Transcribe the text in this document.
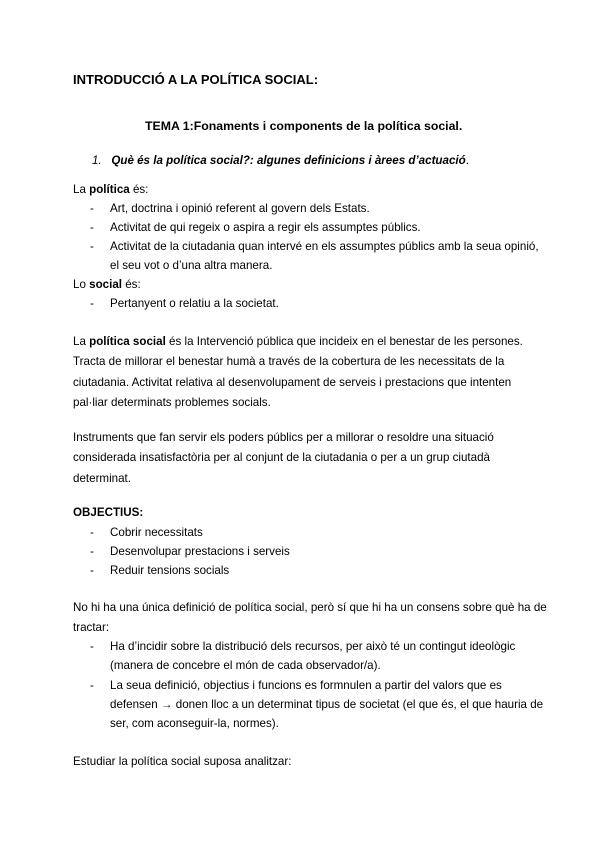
INTRODUCCIÓ A LA POLÍTICA SOCIAL:
TEMA 1:Fonaments i components de la política social.
1. Què és la política social?: algunes definicions i àrees d’actuació.
La política és:
- Art, doctrina i opinió referent al govern dels Estats.
- Activitat de qui regeix o aspira a regir els assumptes públics.
- Activitat de la ciutadania quan intervé en els assumptes públics amb la seua opinió,
el seu vot o d’una altra manera.
Lo social és:
- Pertanyent o relatiu a la societat.
La política social és la Intervenció pública que incideix en el benestar de les persones.
Tracta de millorar el benestar humà a través de la cobertura de les necessitats de la
ciutadania. Activitat relativa al desenvolupament de serveis i prestacions que intenten
pal·liar determinats problemes socials.
Instruments que fan servir els poders públics per a millorar o resoldre una situació
considerada insatisfactòria per al conjunt de la ciutadania o per a un grup ciutadà
determinat.
OBJECTIUS:
- Cobrir necessitats
- Desenvolupar prestacions i serveis
- Reduir tensions socials
No hi ha una única definició de política social, però sí que hi ha un consens sobre què ha de
tractar:
- Ha d’incidir sobre la distribució dels recursos, per això té un contingut ideològic
(manera de concebre el món de cada observador/a).
- La seua definició, objectius i funcions es formnulen a partir del valors que es
defensen → donen lloc a un determinat tipus de societat (el que és, el que hauria de
ser, com aconseguir-la, normes).
Estudiar la política social suposa analitzar:
